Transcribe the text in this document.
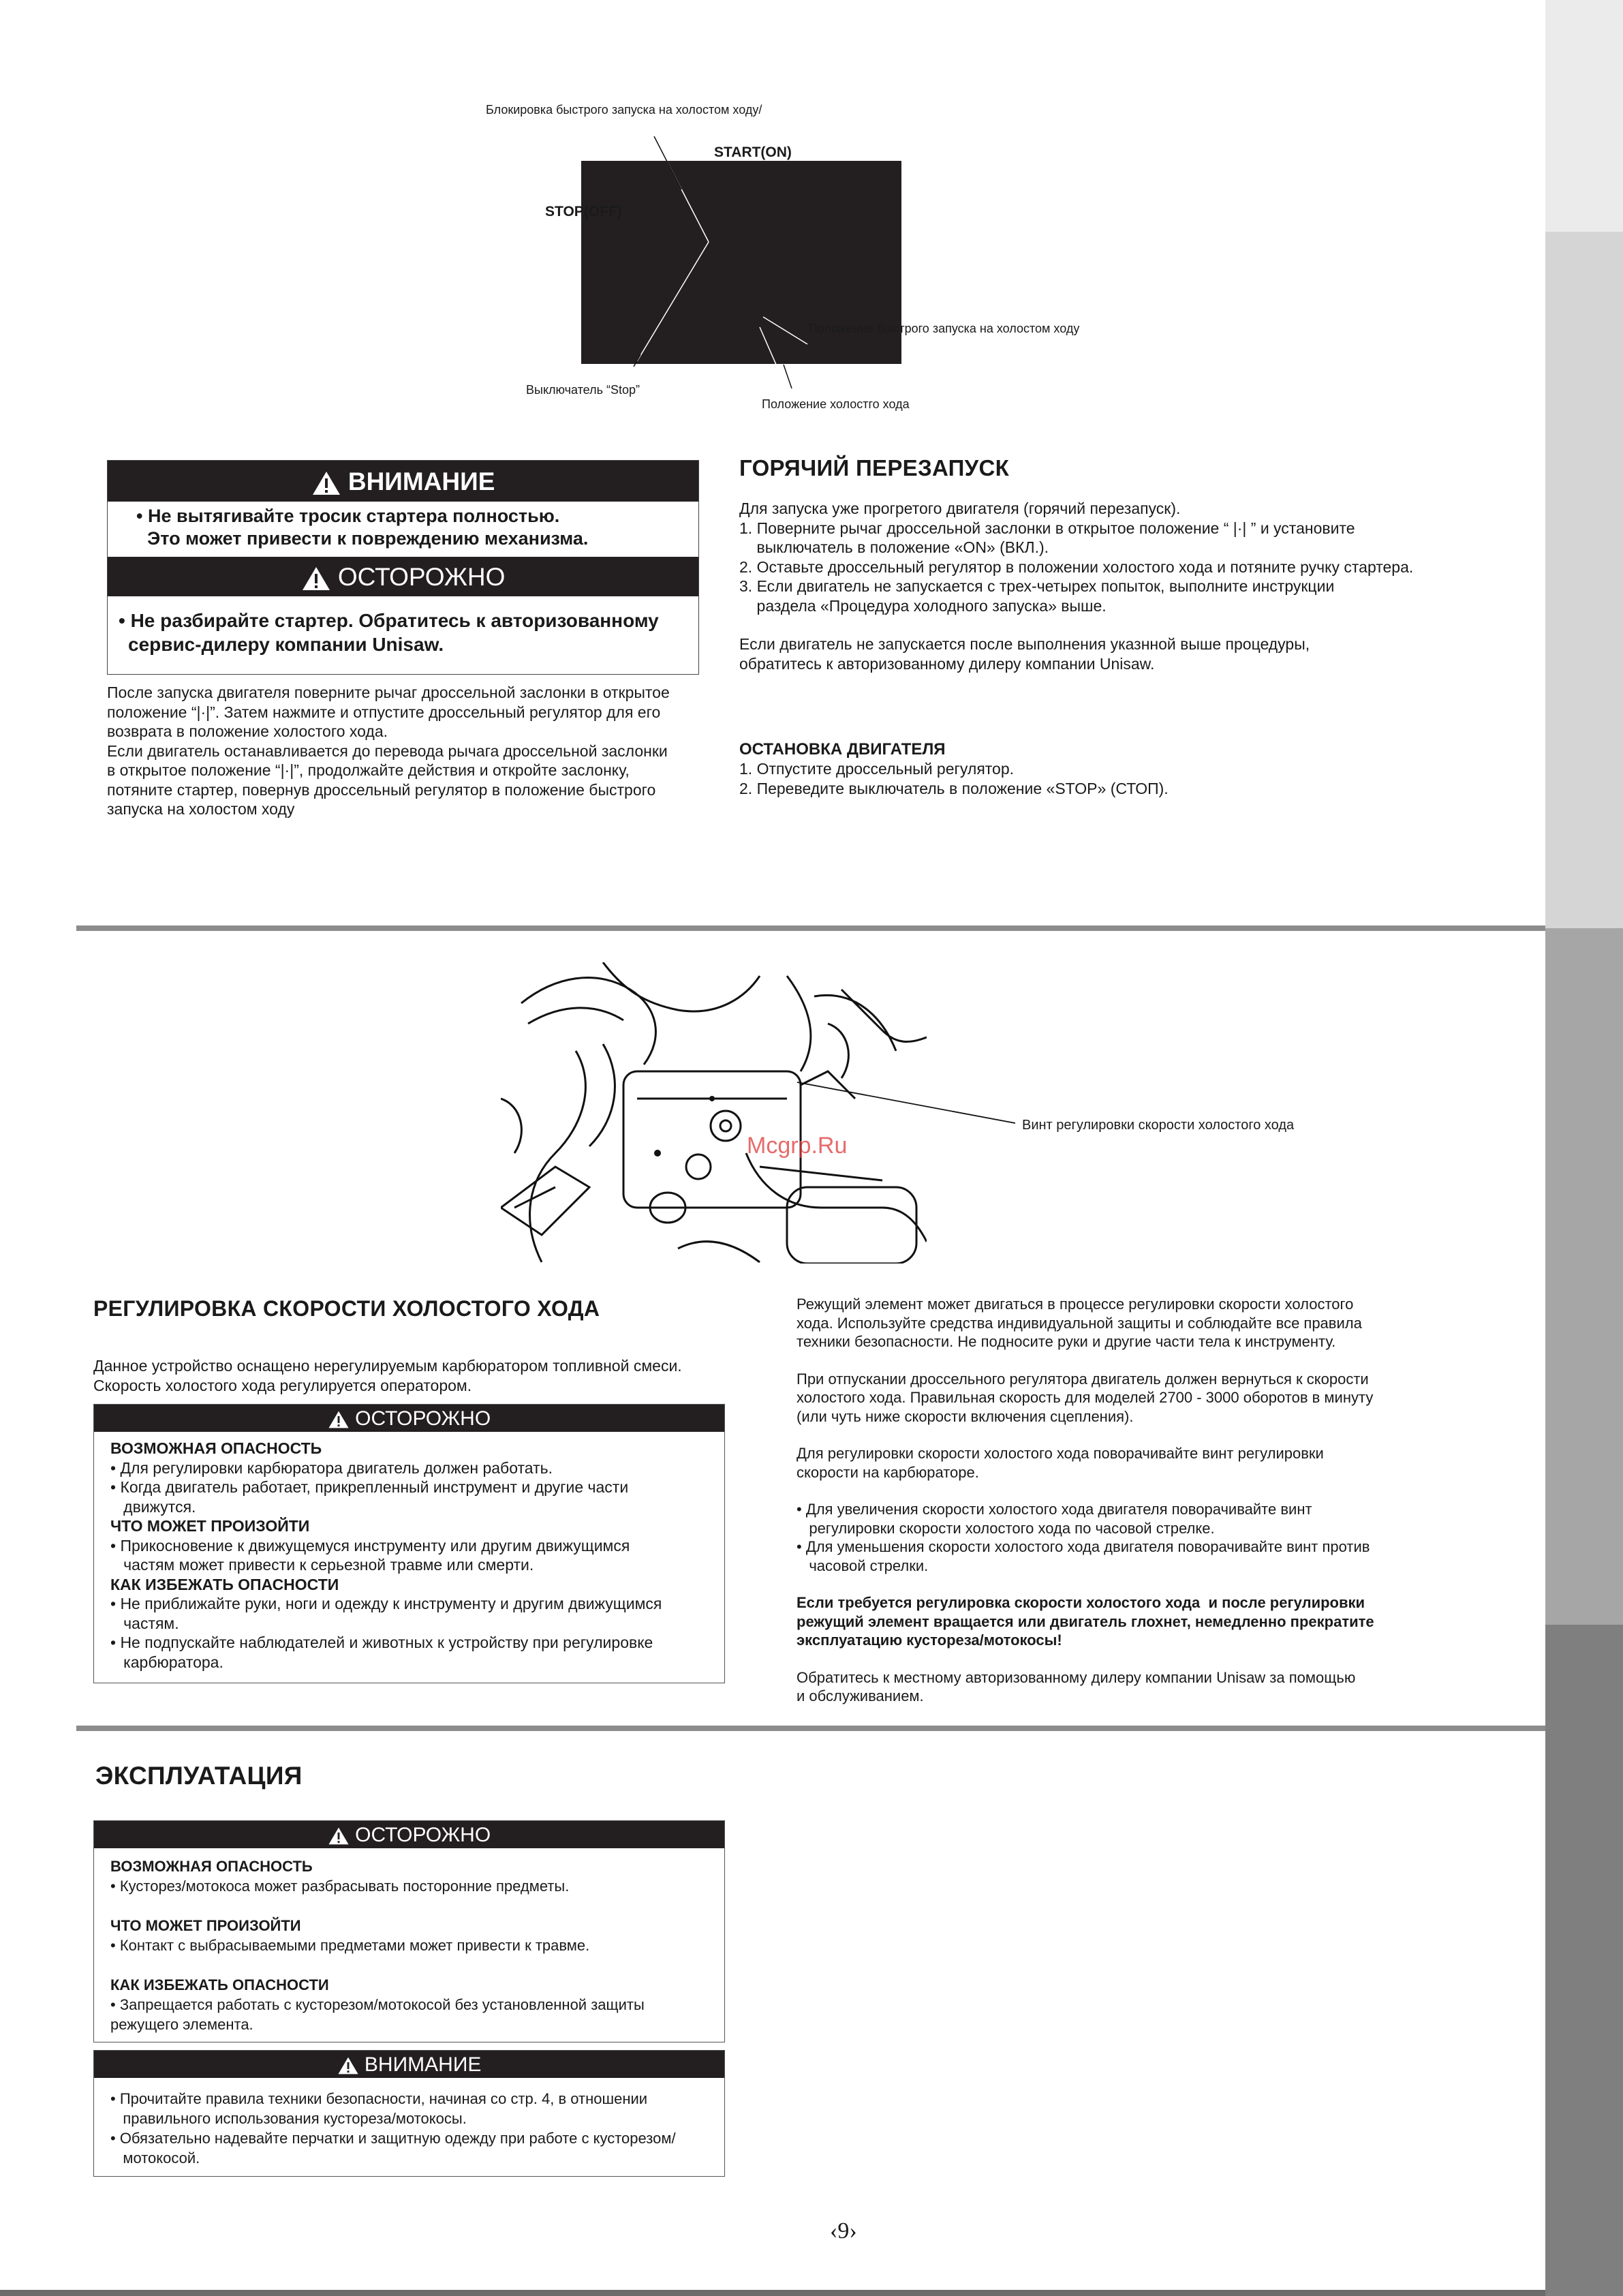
Блокировка быстрого запуска на холостом ходу/
START(ON)
STOP(OFF)
Положение быстрого запуска на холостом ходу
Выключатель “Stop”
Положение холостго хода
ВНИМАНИЕ
• Не вытягивайте тросик стартера полностью.
Это может привести к повреждению механизма.
ОСТОРОЖНО
• Не разбирайте стартер. Обратитесь к авторизованному
сервис-дилеру компании Unisaw.
После запуска двигателя поверните рычаг дроссельной заслонки в открытое
положение “|·|”. Затем нажмите и отпустите дроссельный регулятор для его
возврата в положение холостого хода.
Если двигатель останавливается до перевода рычага дроссельной заслонки
в открытое положение “|·|”, продолжайте действия и откройте заслонку,
потяните стартер, повернув дроссельный регулятор в положение быстрого
запуска на холостом ходу
ГОРЯЧИЙ ПЕРЕЗАПУСК
Для запуска уже прогретого двигателя (горячий перезапуск).
1. Поверните рычаг дроссельной заслонки в открытое положение “ |·| ” и установите
выключатель в положение «ON» (ВКЛ.).
2. Оставьте дроссельный регулятор в положении холостого хода и потяните ручку стартера.
3. Если двигатель не запускается с трех-четырех попыток, выполните инструкции
раздела «Процедура холодного запуска» выше.
Если двигатель не запускается после выполнения указнной выше процедуры,
обратитесь к авторизованному дилеру компании Unisaw.
ОСТАНОВКА ДВИГАТЕЛЯ
1. Отпустите дроссельный регулятор.
2. Переведите выключатель в положение «STOP» (СТОП).
Винт регулировки скорости холостого хода
Mcgrp.Ru
РЕГУЛИРОВКА СКОРОСТИ ХОЛОСТОГО ХОДА
Данное устройство оснащено нерегулируемым карбюратором топливной смеси.
Скорость холостого хода регулируется оператором.
ОСТОРОЖНО
ВОЗМОЖНАЯ ОПАСНОСТЬ
• Для регулировки карбюратора двигатель должен работать.
• Когда двигатель работает, прикрепленный инструмент и другие части
движутся.
ЧТО МОЖЕТ ПРОИЗОЙТИ
• Прикосновение к движущемуся инструменту или другим движущимся
частям может привести к серьезной травме или смерти.
КАК ИЗБЕЖАТЬ ОПАСНОСТИ
• Не приближайте руки, ноги и одежду к инструменту и другим движущимся
частям.
• Не подпускайте наблюдателей и животных к устройству при регулировке
карбюратора.
Режущий элемент может двигаться в процессе регулировки скорости холостого
хода. Используйте средства индивидуальной защиты и соблюдайте все правила
техники безопасности. Не подносите руки и другие части тела к инструменту.
При отпускании дроссельного регулятора двигатель должен вернуться к скорости
холостого хода. Правильная скорость для моделей 2700 - 3000 оборотов в минуту
(или чуть ниже скорости включения сцепления).
Для регулировки скорости холостого хода поворачивайте винт регулировки
скорости на карбюраторе.
• Для увеличения скорости холостого хода двигателя поворачивайте винт
регулировки скорости холостого хода по часовой стрелке.
• Для уменьшения скорости холостого хода двигателя поворачивайте винт против
часовой стрелки.
Если требуется регулировка скорости холостого хода  и после регулировки
режущий элемент вращается или двигатель глохнет, немедленно прекратите
эксплуатацию кустореза/мотокосы!
Обратитесь к местному авторизованному дилеру компании Unisaw за помощью
и обслуживанием.
ЭКСПЛУАТАЦИЯ
ОСТОРОЖНО
ВОЗМОЖНАЯ ОПАСНОСТЬ
• Кусторез/мотокоса может разбрасывать посторонние предметы.
ЧТО МОЖЕТ ПРОИЗОЙТИ
• Контакт с выбрасываемыми предметами может привести к травме.
КАК ИЗБЕЖАТЬ ОПАСНОСТИ
• Запрещается работать с кусторезом/мотокосой без установленной защиты
режущего элемента.
ВНИМАНИЕ
• Прочитайте правила техники безопасности, начиная со стр. 4, в отношении
правильного использования кустореза/мотокосы.
• Обязательно надевайте перчатки и защитную одежду при работе с кусторезом/
мотокосой.
‹9›
